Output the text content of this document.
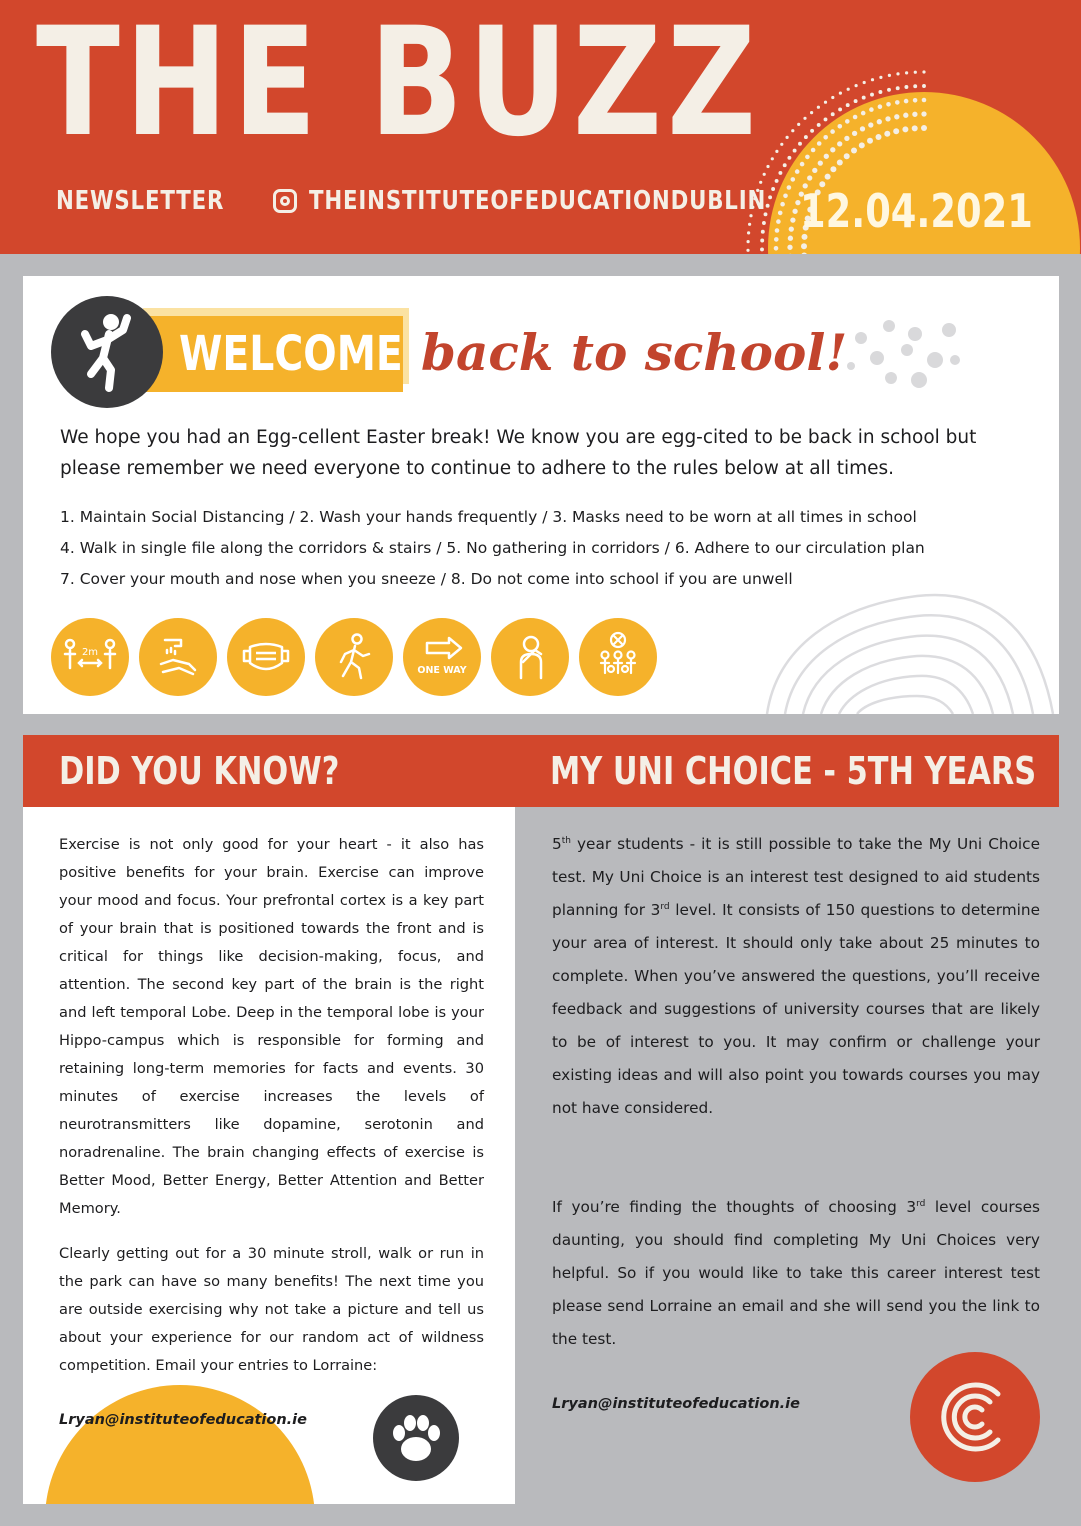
THE BUZZ
NEWSLETTER	THEINSTITUTEOFEDUCATIONDUBLIN 12.04.2021
WELCOME back to school!

We hope you had an Egg-cellent Easter break! We know you are egg-cited to be back in school but please remember we need everyone to continue to adhere to the rules below at all times.

1. Maintain Social Distancing / 2. Wash your hands frequently / 3. Masks need to be worn at all times in school
4. Walk in single file along the corridors & stairs / 5. No gathering in corridors / 6. Adhere to our circulation plan
7. Cover your mouth and nose when you sneeze / 8. Do not come into school if you are unwell
2m
ONE WAY
DID YOU KNOW?	MY UNI CHOICE - 5TH YEARS

Exercise is not only good for your heart - it also has positive benefits for your brain. Exercise can improve your mood and focus. Your prefrontal cortex is a key part of your brain that is positioned towards the front and is critical for things like decision-making, focus, and attention. The second key part of the brain is the right and left temporal Lobe. Deep in the temporal lobe is your Hippo-campus which is responsible for forming and retaining long-term memories for facts and events. 30 minutes of exercise increases the levels of neurotransmitters like dopamine, serotonin and noradrenaline. The brain changing effects of exercise is Better Mood, Better Energy, Better Attention and Better Memory.

Clearly getting out for a 30 minute stroll, walk or run in the park can have so many benefits! The next time you are outside exercising why not take a picture and tell us about your experience for our random act of wildness competition. Email your entries to Lorraine:

Lryan@instituteofeducation.ie

5th year students - it is still possible to take the My Uni Choice test. My Uni Choice is an interest test designed to aid students planning for 3rd level. It consists of 150 questions to determine your area of interest. It should only take about 25 minutes to complete. When you’ve answered the questions, you’ll receive feedback and suggestions of university courses that are likely to be of interest to you. It may confirm or challenge your existing ideas and will also point you towards courses you may not have considered.

If you’re finding the thoughts of choosing 3rd level courses daunting, you should find completing My Uni Choices very helpful. So if you would like to take this career interest test please send Lorraine an email and she will send you the link to the test.

Lryan@instituteofeducation.ie
